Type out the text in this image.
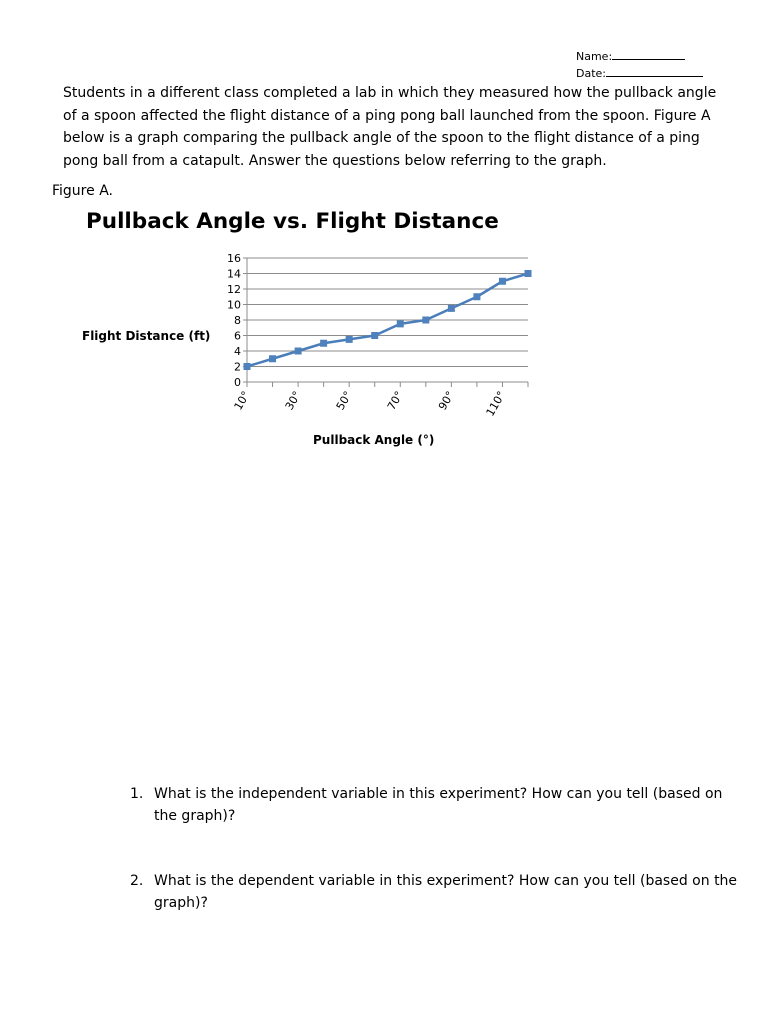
Name:
Date:

Students in a different class completed a lab in which they measured how the pullback angle of a spoon affected the flight distance of a ping pong ball launched from the spoon. Figure A below is a graph comparing the pullback angle of the spoon to the flight distance of a ping pong ball from a catapult. Answer the questions below referring to the graph.

Figure A.

Pullback Angle vs. Flight Distance
Flight Distance (ft)
Pullback Angle (°)
0
2
4
6
8
10
12
14
16
10°	30°	50°	70°	90° 110°
1. What is the independent variable in this experiment? How can you tell (based on the graph)?
2. What is the dependent variable in this experiment? How can you tell (based on the graph)?
